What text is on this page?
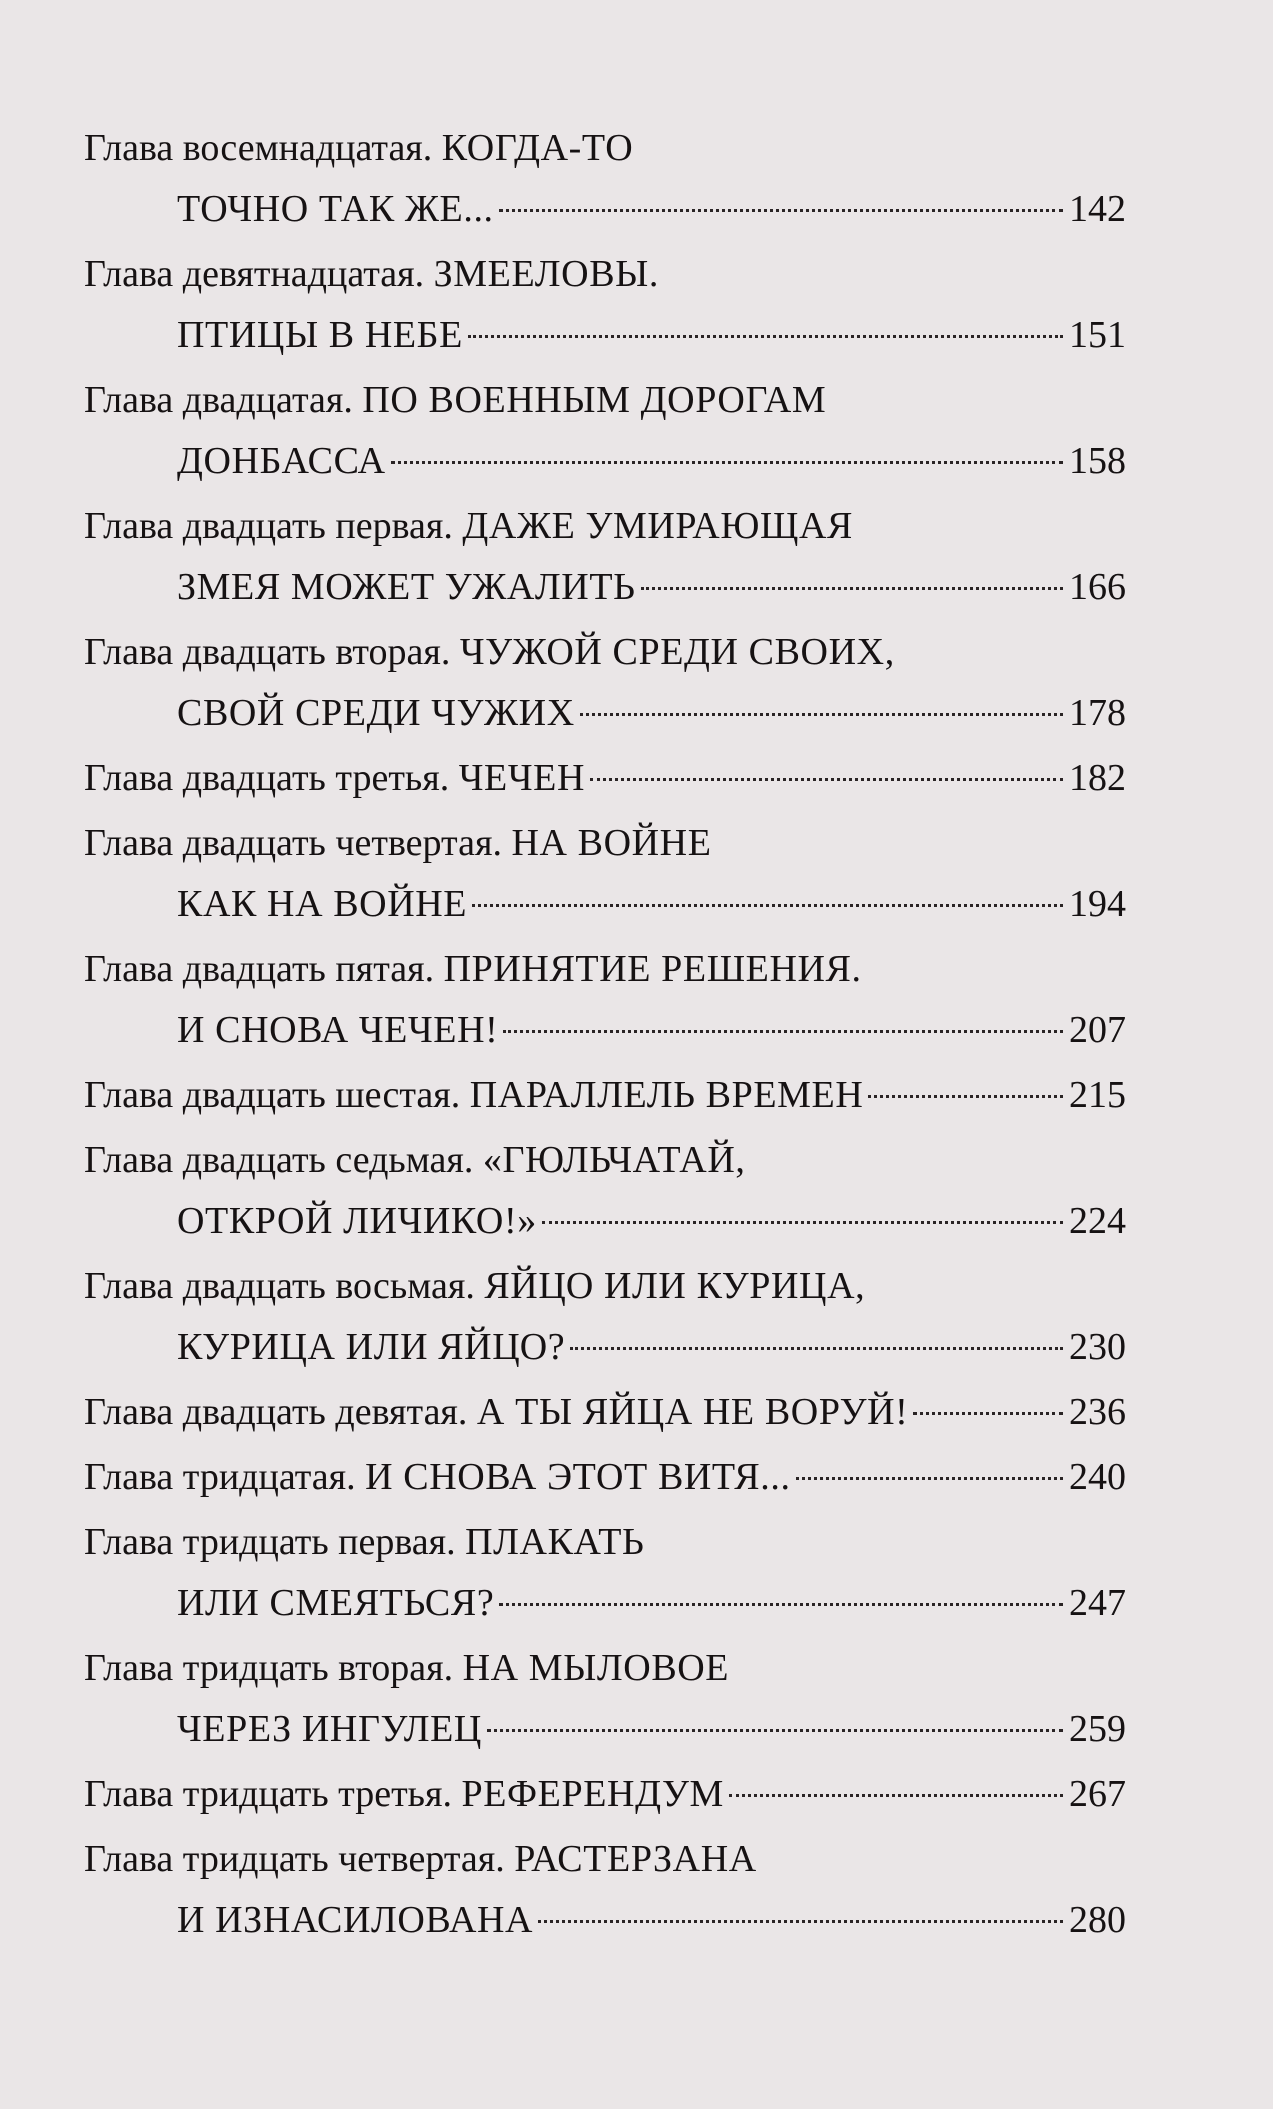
Глава восемнадцатая.
КОГДА-ТО
ТОЧНО ТАК ЖЕ...	142
Глава девятнадцатая.
ЗМЕЕЛОВЫ.
ПТИЦЫ В НЕБЕ	151
Глава двадцатая.
ПО ВОЕННЫМ ДОРОГАМ
ДОНБАССА	158
Глава двадцать первая.
ДАЖЕ УМИРАЮЩАЯ
ЗМЕЯ МОЖЕТ УЖАЛИТЬ	166
Глава двадцать вторая.
ЧУЖОЙ СРЕДИ СВОИХ,
СВОЙ СРЕДИ ЧУЖИХ	178
Глава двадцать третья.
ЧЕЧЕН	182
Глава двадцать четвертая.
НА ВОЙНЕ
КАК НА ВОЙНЕ	194
Глава двадцать пятая.
ПРИНЯТИЕ РЕШЕНИЯ.
И СНОВА ЧЕЧЕН!	207
Глава двадцать шестая.
ПАРАЛЛЕЛЬ ВРЕМЕН	215
Глава двадцать седьмая.
«ГЮЛЬЧАТАЙ,
ОТКРОЙ ЛИЧИКО!»	224
Глава двадцать восьмая.
ЯЙЦО ИЛИ КУРИЦА,
КУРИЦА ИЛИ ЯЙЦО?	230
Глава двадцать девятая.
А ТЫ ЯЙЦА НЕ ВОРУЙ!	236
Глава тридцатая.
И СНОВА ЭТОТ ВИТЯ...	240
Глава тридцать первая.
ПЛАКАТЬ
ИЛИ СМЕЯТЬСЯ?	247
Глава тридцать вторая.
НА МЫЛОВОЕ
ЧЕРЕЗ ИНГУЛЕЦ	259
Глава тридцать третья.
РЕФЕРЕНДУМ	267
Глава тридцать четвертая.
РАСТЕРЗАНА
И ИЗНАСИЛОВАНА	280
